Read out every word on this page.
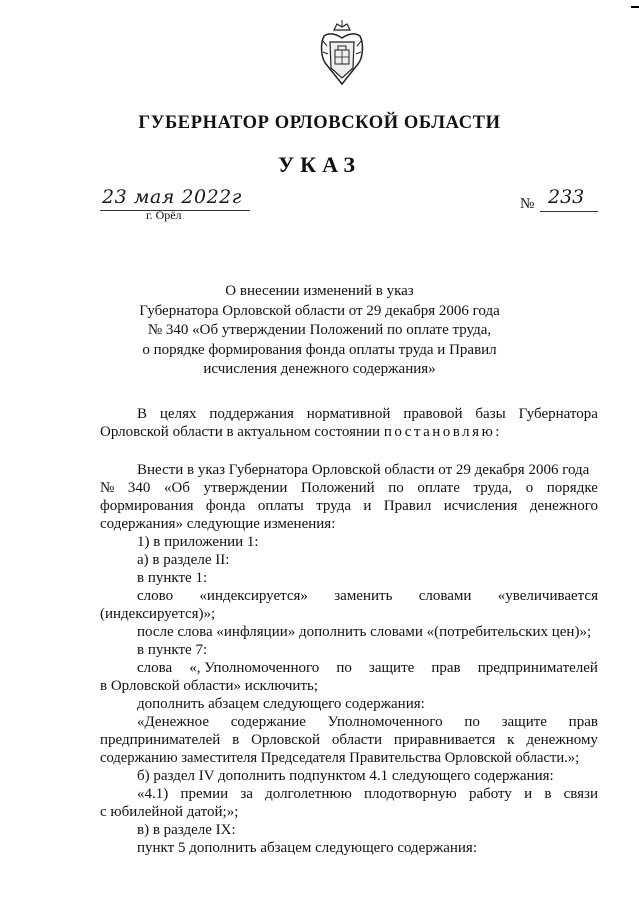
ГУБЕРНАТОР ОРЛОВСКОЙ ОБЛАСТИ
УКАЗ
23 мая 2022г
г. Орёл
№ 233
О внесении изменений в указ
Губернатора Орловской области от 29 декабря 2006 года
№ 340 «Об утверждении Положений по оплате труда,
о порядке формирования фонда оплаты труда и Правил
исчисления денежного содержания»
В целях поддержания нормативной правовой базы Губернатора
Орловской области в актуальном состоянии постановляю:
Внести в указ Губернатора Орловской области от 29 декабря 2006 года
№ 340 «Об утверждении Положений по оплате труда, о порядке
формирования фонда оплаты труда и Правил исчисления денежного
содержания» следующие изменения:
1) в приложении 1:
а) в разделе II:
в пункте 1:
слово «индексируется» заменить словами «увеличивается
(индексируется)»;
после слова «инфляции» дополнить словами «(потребительских цен)»;
в пункте 7:
слова «, Уполномоченного по защите прав предпринимателей
в Орловской области» исключить;
дополнить абзацем следующего содержания:
«Денежное содержание Уполномоченного по защите прав
предпринимателей в Орловской области приравнивается к денежному
содержанию заместителя Председателя Правительства Орловской области.»;
б) раздел IV дополнить подпунктом 4.1 следующего содержания:
«4.1) премии за долголетнюю плодотворную работу и в связи
с юбилейной датой;»;
в) в разделе IX:
пункт 5 дополнить абзацем следующего содержания:
